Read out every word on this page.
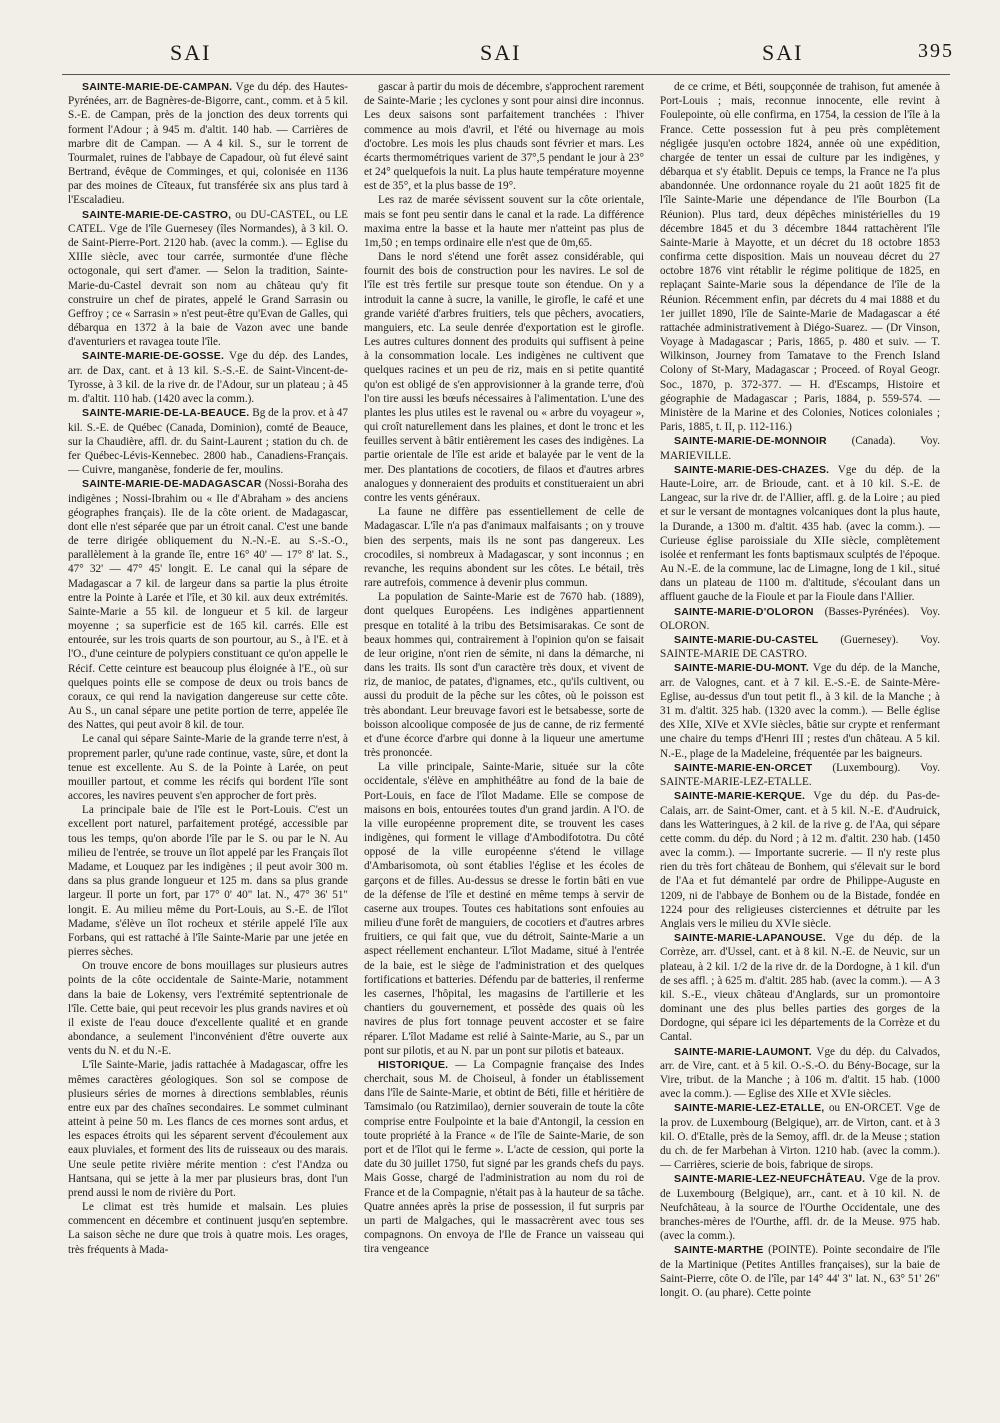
SAI	SAI	SAI	395

SAINTE-MARIE-DE-CAMPAN. Vge du dép. des Hautes-Pyrénées, arr. de Bagnères-de-Bigorre, cant., comm. et à 5 kil. S.-E. de Campan, près de la jonction des deux torrents qui forment l'Adour ; à 945 m. d'altit. 140 hab. — Carrières de marbre dit de Campan. — A 4 kil. S., sur le torrent de Tourmalet, ruines de l'abbaye de Capadour, où fut élevé saint Bertrand, évêque de Comminges, et qui, colonisée en 1136 par des moines de Cîteaux, fut transférée six ans plus tard à l'Escaladieu.

SAINTE-MARIE-DE-CASTRO, ou DU-CASTEL, ou LE CATEL. Vge de l'île Guernesey (îles Normandes), à 3 kil. O. de Saint-Pierre-Port. 2120 hab. (avec la comm.). — Eglise du XIIIe siècle, avec tour carrée, surmontée d'une flèche octogonale, qui sert d'amer. — Selon la tradition, Sainte-Marie-du-Castel devrait son nom au château qu'y fit construire un chef de pirates, appelé le Grand Sarrasin ou Geffroy ; ce « Sarrasin » n'est peut-être qu'Evan de Galles, qui débarqua en 1372 à la baie de Vazon avec une bande d'aventuriers et ravagea toute l'île.

SAINTE-MARIE-DE-GOSSE. Vge du dép. des Landes, arr. de Dax, cant. et à 13 kil. S.-S.-E. de Saint-Vincent-de-Tyrosse, à 3 kil. de la rive dr. de l'Adour, sur un plateau ; à 45 m. d'altit. 110 hab. (1420 avec la comm.).

SAINTE-MARIE-DE-LA-BEAUCE. Bg de la prov. et à 47 kil. S.-E. de Québec (Canada, Dominion), comté de Beauce, sur la Chaudière, affl. dr. du Saint-Laurent ; station du ch. de fer Québec-Lévis-Kennebec. 2800 hab., Canadiens-Français. — Cuivre, manganèse, fonderie de fer, moulins.

SAINTE-MARIE-DE-MADAGASCAR (Nossi-Boraha des indigènes ; Nossi-Ibrahim ou « Ile d'Abraham » des anciens géographes français). Ile de la côte orient. de Madagascar, dont elle n'est séparée que par un étroit canal. C'est une bande de terre dirigée obliquement du N.-N.-E. au S.-S.-O., parallèlement à la grande île, entre 16° 40' — 17° 8' lat. S., 47° 32' — 47° 45' longit. E. Le canal qui la sépare de Madagascar a 7 kil. de largeur dans sa partie la plus étroite entre la Pointe à Larée et l'île, et 30 kil. aux deux extrémités. Sainte-Marie a 55 kil. de longueur et 5 kil. de largeur moyenne ; sa superficie est de 165 kil. carrés. Elle est entourée, sur les trois quarts de son pourtour, au S., à l'E. et à l'O., d'une ceinture de polypiers constituant ce qu'on appelle le Récif. Cette ceinture est beaucoup plus éloignée à l'E., où sur quelques points elle se compose de deux ou trois bancs de coraux, ce qui rend la navigation dangereuse sur cette côte. Au S., un canal sépare une petite portion de terre, appelée île des Nattes, qui peut avoir 8 kil. de tour.

Le canal qui sépare Sainte-Marie de la grande terre n'est, à proprement parler, qu'une rade continue, vaste, sûre, et dont la tenue est excellente. Au S. de la Pointe à Larée, on peut mouiller partout, et comme les récifs qui bordent l'île sont accores, les navires peuvent s'en approcher de fort près.

La principale baie de l'île est le Port-Louis. C'est un excellent port naturel, parfaitement protégé, accessible par tous les temps, qu'on aborde l'île par le S. ou par le N. Au milieu de l'entrée, se trouve un îlot appelé par les Français îlot Madame, et Louquez par les indigènes ; il peut avoir 300 m. dans sa plus grande longueur et 125 m. dans sa plus grande largeur. Il porte un fort, par 17° 0' 40" lat. N., 47° 36' 51" longit. E. Au milieu même du Port-Louis, au S.-E. de l'îlot Madame, s'élève un îlot rocheux et stérile appelé l'île aux Forbans, qui est rattaché à l'île Sainte-Marie par une jetée en pierres sèches.

On trouve encore de bons mouillages sur plusieurs autres points de la côte occidentale de Sainte-Marie, notamment dans la baie de Lokensy, vers l'extrémité septentrionale de l'île. Cette baie, qui peut recevoir les plus grands navires et où il existe de l'eau douce d'excellente qualité et en grande abondance, a seulement l'inconvénient d'être ouverte aux vents du N. et du N.-E.

L'île Sainte-Marie, jadis rattachée à Madagascar, offre les mêmes caractères géologiques. Son sol se compose de plusieurs séries de mornes à directions semblables, réunis entre eux par des chaînes secondaires. Le sommet culminant atteint à peine 50 m. Les flancs de ces mornes sont ardus, et les espaces étroits qui les séparent servent d'écoulement aux eaux pluviales, et forment des lits de ruisseaux ou des marais. Une seule petite rivière mérite mention : c'est l'Andza ou Hantsana, qui se jette à la mer par plusieurs bras, dont l'un prend aussi le nom de rivière du Port.

Le climat est très humide et malsain. Les pluies commencent en décembre et continuent jusqu'en septembre. La saison sèche ne dure que trois à quatre mois. Les orages, très fréquents à Mada-

gascar à partir du mois de décembre, s'approchent rarement de Sainte-Marie ; les cyclones y sont pour ainsi dire inconnus. Les deux saisons sont parfaitement tranchées : l'hiver commence au mois d'avril, et l'été ou hivernage au mois d'octobre. Les mois les plus chauds sont février et mars. Les écarts thermométriques varient de 37°,5 pendant le jour à 23° et 24° quelquefois la nuit. La plus haute température moyenne est de 35°, et la plus basse de 19°.

Les raz de marée sévissent souvent sur la côte orientale, mais se font peu sentir dans le canal et la rade. La différence maxima entre la basse et la haute mer n'atteint pas plus de 1m,50 ; en temps ordinaire elle n'est que de 0m,65.

Dans le nord s'étend une forêt assez considérable, qui fournit des bois de construction pour les navires. Le sol de l'île est très fertile sur presque toute son étendue. On y a introduit la canne à sucre, la vanille, le girofle, le café et une grande variété d'arbres fruitiers, tels que pêchers, avocatiers, manguiers, etc. La seule denrée d'exportation est le girofle. Les autres cultures donnent des produits qui suffisent à peine à la consommation locale. Les indigènes ne cultivent que quelques racines et un peu de riz, mais en si petite quantité qu'on est obligé de s'en approvisionner à la grande terre, d'où l'on tire aussi les bœufs nécessaires à l'alimentation. L'une des plantes les plus utiles est le ravenal ou « arbre du voyageur », qui croît naturellement dans les plaines, et dont le tronc et les feuilles servent à bâtir entièrement les cases des indigènes. La partie orientale de l'île est aride et balayée par le vent de la mer. Des plantations de cocotiers, de filaos et d'autres arbres analogues y donneraient des produits et constitueraient un abri contre les vents généraux.

La faune ne diffère pas essentiellement de celle de Madagascar. L'île n'a pas d'animaux malfaisants ; on y trouve bien des serpents, mais ils ne sont pas dangereux. Les crocodiles, si nombreux à Madagascar, y sont inconnus ; en revanche, les requins abondent sur les côtes. Le bétail, très rare autrefois, commence à devenir plus commun.

La population de Sainte-Marie est de 7670 hab. (1889), dont quelques Européens. Les indigènes appartiennent presque en totalité à la tribu des Betsimisarakas. Ce sont de beaux hommes qui, contrairement à l'opinion qu'on se faisait de leur origine, n'ont rien de sémite, ni dans la démarche, ni dans les traits. Ils sont d'un caractère très doux, et vivent de riz, de manioc, de patates, d'ignames, etc., qu'ils cultivent, ou aussi du produit de la pêche sur les côtes, où le poisson est très abondant. Leur breuvage favori est le betsabesse, sorte de boisson alcoolique composée de jus de canne, de riz fermenté et d'une écorce d'arbre qui donne à la liqueur une amertume très prononcée.

La ville principale, Sainte-Marie, située sur la côte occidentale, s'élève en amphithéâtre au fond de la baie de Port-Louis, en face de l'îlot Madame. Elle se compose de maisons en bois, entourées toutes d'un grand jardin. A l'O. de la ville européenne proprement dite, se trouvent les cases indigènes, qui forment le village d'Ambodifototra. Du côté opposé de la ville européenne s'étend le village d'Ambarisomota, où sont établies l'église et les écoles de garçons et de filles. Au-dessus se dresse le fortin bâti en vue de la défense de l'île et destiné en même temps à servir de caserne aux troupes. Toutes ces habitations sont enfouies au milieu d'une forêt de manguiers, de cocotiers et d'autres arbres fruitiers, ce qui fait que, vue du détroit, Sainte-Marie a un aspect réellement enchanteur. L'îlot Madame, situé à l'entrée de la baie, est le siège de l'administration et des quelques fortifications et batteries. Défendu par de batteries, il renferme les casernes, l'hôpital, les magasins de l'artillerie et les chantiers du gouvernement, et possède des quais où les navires de plus fort tonnage peuvent accoster et se faire réparer. L'îlot Madame est relié à Sainte-Marie, au S., par un pont sur pilotis, et au N. par un pont sur pilotis et bateaux.

HISTORIQUE. — La Compagnie française des Indes cherchait, sous M. de Choiseul, à fonder un établissement dans l'île de Sainte-Marie, et obtint de Béti, fille et héritière de Tamsimalo (ou Ratzimilao), dernier souverain de toute la côte comprise entre Foulpointe et la baie d'Antongil, la cession en toute propriété à la France « de l'île de Sainte-Marie, de son port et de l'îlot qui le ferme ». L'acte de cession, qui porte la date du 30 juillet 1750, fut signé par les grands chefs du pays. Mais Gosse, chargé de l'administration au nom du roi de France et de la Compagnie, n'était pas à la hauteur de sa tâche. Quatre années après la prise de possession, il fut surpris par un parti de Malgaches, qui le massacrèrent avec tous ses compagnons. On envoya de l'Ile de France un vaisseau qui tira vengeance

de ce crime, et Béti, soupçonnée de trahison, fut amenée à Port-Louis ; mais, reconnue innocente, elle revint à Foulepointe, où elle confirma, en 1754, la cession de l'île à la France. Cette possession fut à peu près complètement négligée jusqu'en octobre 1824, année où une expédition, chargée de tenter un essai de culture par les indigènes, y débarqua et s'y établit. Depuis ce temps, la France ne l'a plus abandonnée. Une ordonnance royale du 21 août 1825 fit de l'île Sainte-Marie une dépendance de l'île Bourbon (La Réunion). Plus tard, deux dépêches ministérielles du 19 décembre 1845 et du 3 décembre 1844 rattachèrent l'île Sainte-Marie à Mayotte, et un décret du 18 octobre 1853 confirma cette disposition. Mais un nouveau décret du 27 octobre 1876 vint rétablir le régime politique de 1825, en replaçant Sainte-Marie sous la dépendance de l'île de la Réunion. Récemment enfin, par décrets du 4 mai 1888 et du 1er juillet 1890, l'île de Sainte-Marie de Madagascar a été rattachée administrativement à Diégo-Suarez. — (Dr Vinson, Voyage à Madagascar ; Paris, 1865, p. 480 et suiv. — T. Wilkinson, Journey from Tamatave to the French Island Colony of St-Mary, Madagascar ; Proceed. of Royal Geogr. Soc., 1870, p. 372-377. — H. d'Escamps, Histoire et géographie de Madagascar ; Paris, 1884, p. 559-574. — Ministère de la Marine et des Colonies, Notices coloniales ; Paris, 1885, t. II, p. 112-116.)

SAINTE-MARIE-DE-MONNOIR (Canada). Voy. MARIEVILLE.

SAINTE-MARIE-DES-CHAZES. Vge du dép. de la Haute-Loire, arr. de Brioude, cant. et à 10 kil. S.-E. de Langeac, sur la rive dr. de l'Allier, affl. g. de la Loire ; au pied et sur le versant de montagnes volcaniques dont la plus haute, la Durande, a 1300 m. d'altit. 435 hab. (avec la comm.). — Curieuse église paroissiale du XIIe siècle, complètement isolée et renfermant les fonts baptismaux sculptés de l'époque. Au N.-E. de la commune, lac de Limagne, long de 1 kil., situé dans un plateau de 1100 m. d'altitude, s'écoulant dans un affluent gauche de la Fioule et par la Fioule dans l'Allier.

SAINTE-MARIE-D'OLORON (Basses-Pyrénées). Voy. OLORON.

SAINTE-MARIE-DU-CASTEL (Guernesey). Voy. SAINTE-MARIE DE CASTRO.

SAINTE-MARIE-DU-MONT. Vge du dép. de la Manche, arr. de Valognes, cant. et à 7 kil. E.-S.-E. de Sainte-Mère-Eglise, au-dessus d'un tout petit fl., à 3 kil. de la Manche ; à 31 m. d'altit. 325 hab. (1320 avec la comm.). — Belle église des XIIe, XIVe et XVIe siècles, bâtie sur crypte et renfermant une chaire du temps d'Henri III ; restes d'un château. A 5 kil. N.-E., plage de la Madeleine, fréquentée par les baigneurs.

SAINTE-MARIE-EN-ORCET (Luxembourg). Voy. SAINTE-MARIE-LEZ-ETALLE.

SAINTE-MARIE-KERQUE. Vge du dép. du Pas-de-Calais, arr. de Saint-Omer, cant. et à 5 kil. N.-E. d'Audruick, dans les Watteringues, à 2 kil. de la rive g. de l'Aa, qui sépare cette comm. du dép. du Nord ; à 12 m. d'altit. 230 hab. (1450 avec la comm.). — Importante sucrerie. — Il n'y reste plus rien du très fort château de Bonhem, qui s'élevait sur le bord de l'Aa et fut démantelé par ordre de Philippe-Auguste en 1209, ni de l'abbaye de Bonhem ou de la Bistade, fondée en 1224 pour des religieuses cisterciennes et détruite par les Anglais vers le milieu du XVIe siècle.

SAINTE-MARIE-LAPANOUSE. Vge du dép. de la Corrèze, arr. d'Ussel, cant. et à 8 kil. N.-E. de Neuvic, sur un plateau, à 2 kil. 1/2 de la rive dr. de la Dordogne, à 1 kil. d'un de ses affl. ; à 625 m. d'altit. 285 hab. (avec la comm.). — A 3 kil. S.-E., vieux château d'Anglards, sur un promontoire dominant une des plus belles parties des gorges de la Dordogne, qui sépare ici les départements de la Corrèze et du Cantal.

SAINTE-MARIE-LAUMONT. Vge du dép. du Calvados, arr. de Vire, cant. et à 5 kil. O.-S.-O. du Bény-Bocage, sur la Vire, tribut. de la Manche ; à 106 m. d'altit. 15 hab. (1000 avec la comm.). — Eglise des XIIe et XVIe siècles.

SAINTE-MARIE-LEZ-ETALLE, ou EN-ORCET. Vge de la prov. de Luxembourg (Belgique), arr. de Virton, cant. et à 3 kil. O. d'Etalle, près de la Semoy, affl. dr. de la Meuse ; station du ch. de fer Marbehan à Virton. 1210 hab. (avec la comm.). — Carrières, scierie de bois, fabrique de sirops.

SAINTE-MARIE-LEZ-NEUFCHÂTEAU. Vge de la prov. de Luxembourg (Belgique), arr., cant. et à 10 kil. N. de Neufchâteau, à la source de l'Ourthe Occidentale, une des branches-mères de l'Ourthe, affl. dr. de la Meuse. 975 hab. (avec la comm.).

SAINTE-MARTHE (POINTE). Pointe secondaire de l'île de la Martinique (Petites Antilles françaises), sur la baie de Saint-Pierre, côte O. de l'île, par 14° 44' 3" lat. N., 63° 51' 26" longit. O. (au phare). Cette pointe
